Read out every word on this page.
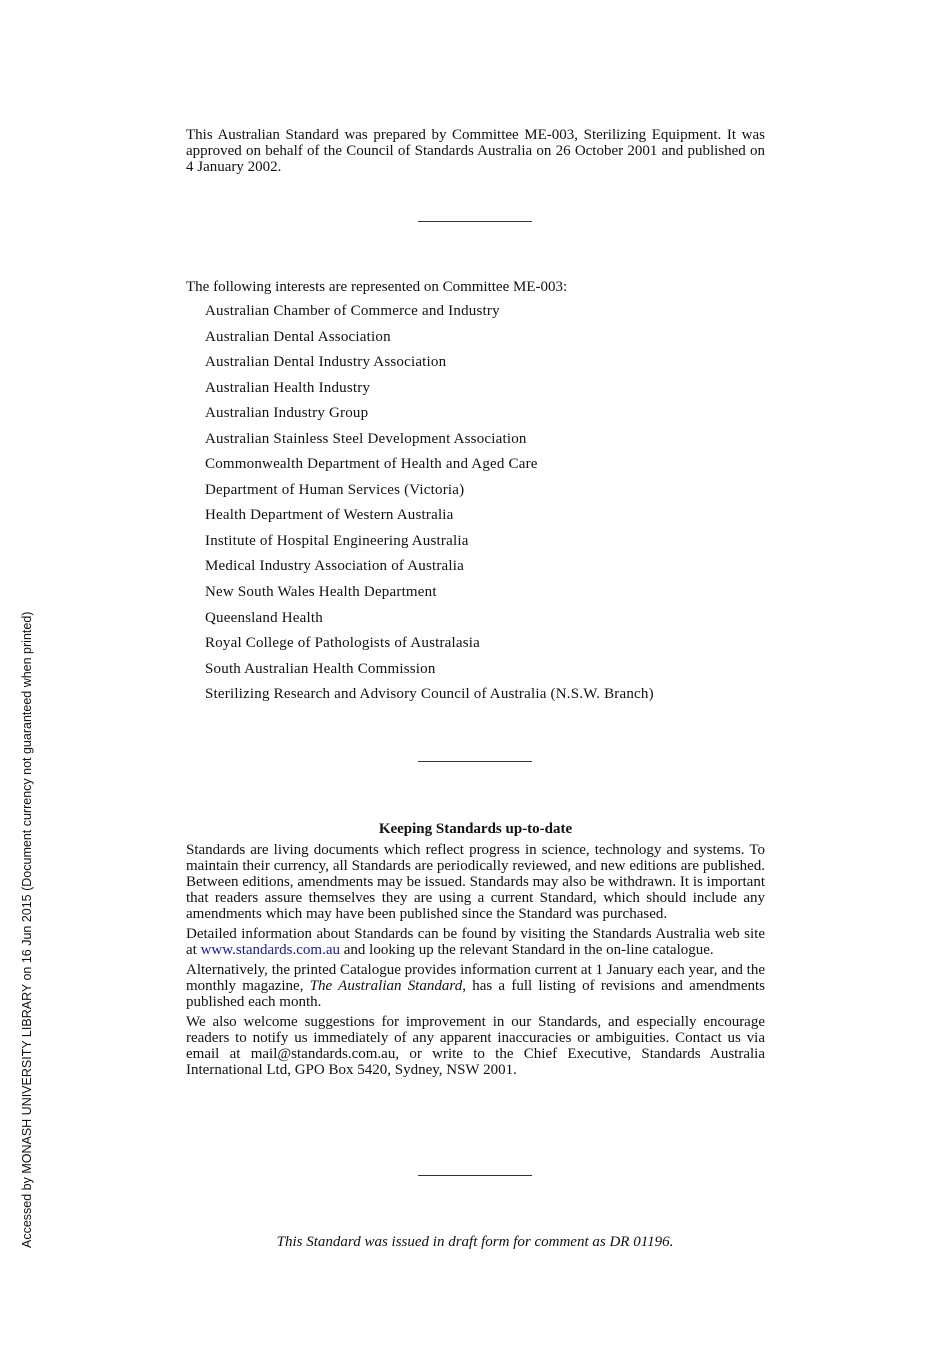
This Australian Standard was prepared by Committee ME-003, Sterilizing Equipment. It was approved on behalf of the Council of Standards Australia on 26 October 2001 and published on 4 January 2002.

The following interests are represented on Committee ME-003:
Australian Chamber of Commerce and Industry
Australian Dental Association
Australian Dental Industry Association
Australian Health Industry
Australian Industry Group
Australian Stainless Steel Development Association
Commonwealth Department of Health and Aged Care
Department of Human Services (Victoria)
Health Department of Western Australia
Institute of Hospital Engineering Australia
Medical Industry Association of Australia
New South Wales Health Department
Queensland Health
Royal College of Pathologists of Australasia
South Australian Health Commission
Sterilizing Research and Advisory Council of Australia (N.S.W. Branch)
Keeping Standards up-to-date

Standards are living documents which reflect progress in science, technology and systems. To maintain their currency, all Standards are periodically reviewed, and new editions are published. Between editions, amendments may be issued. Standards may also be withdrawn. It is important that readers assure themselves they are using a current Standard, which should include any amendments which may have been published since the Standard was purchased.

Detailed information about Standards can be found by visiting the Standards Australia web site at www.standards.com.au and looking up the relevant Standard in the on-line catalogue.

Alternatively, the printed Catalogue provides information current at 1 January each year, and the monthly magazine, The Australian Standard, has a full listing of revisions and amendments published each month.

We also welcome suggestions for improvement in our Standards, and especially encourage readers to notify us immediately of any apparent inaccuracies or ambiguities. Contact us via email at mail@standards.com.au, or write to the Chief Executive, Standards Australia International Ltd, GPO Box 5420, Sydney, NSW 2001.

This Standard was issued in draft form for comment as DR 01196.
Accessed by MONASH UNIVERSITY LIBRARY on 16 Jun 2015 (Document currency not guaranteed when printed)
